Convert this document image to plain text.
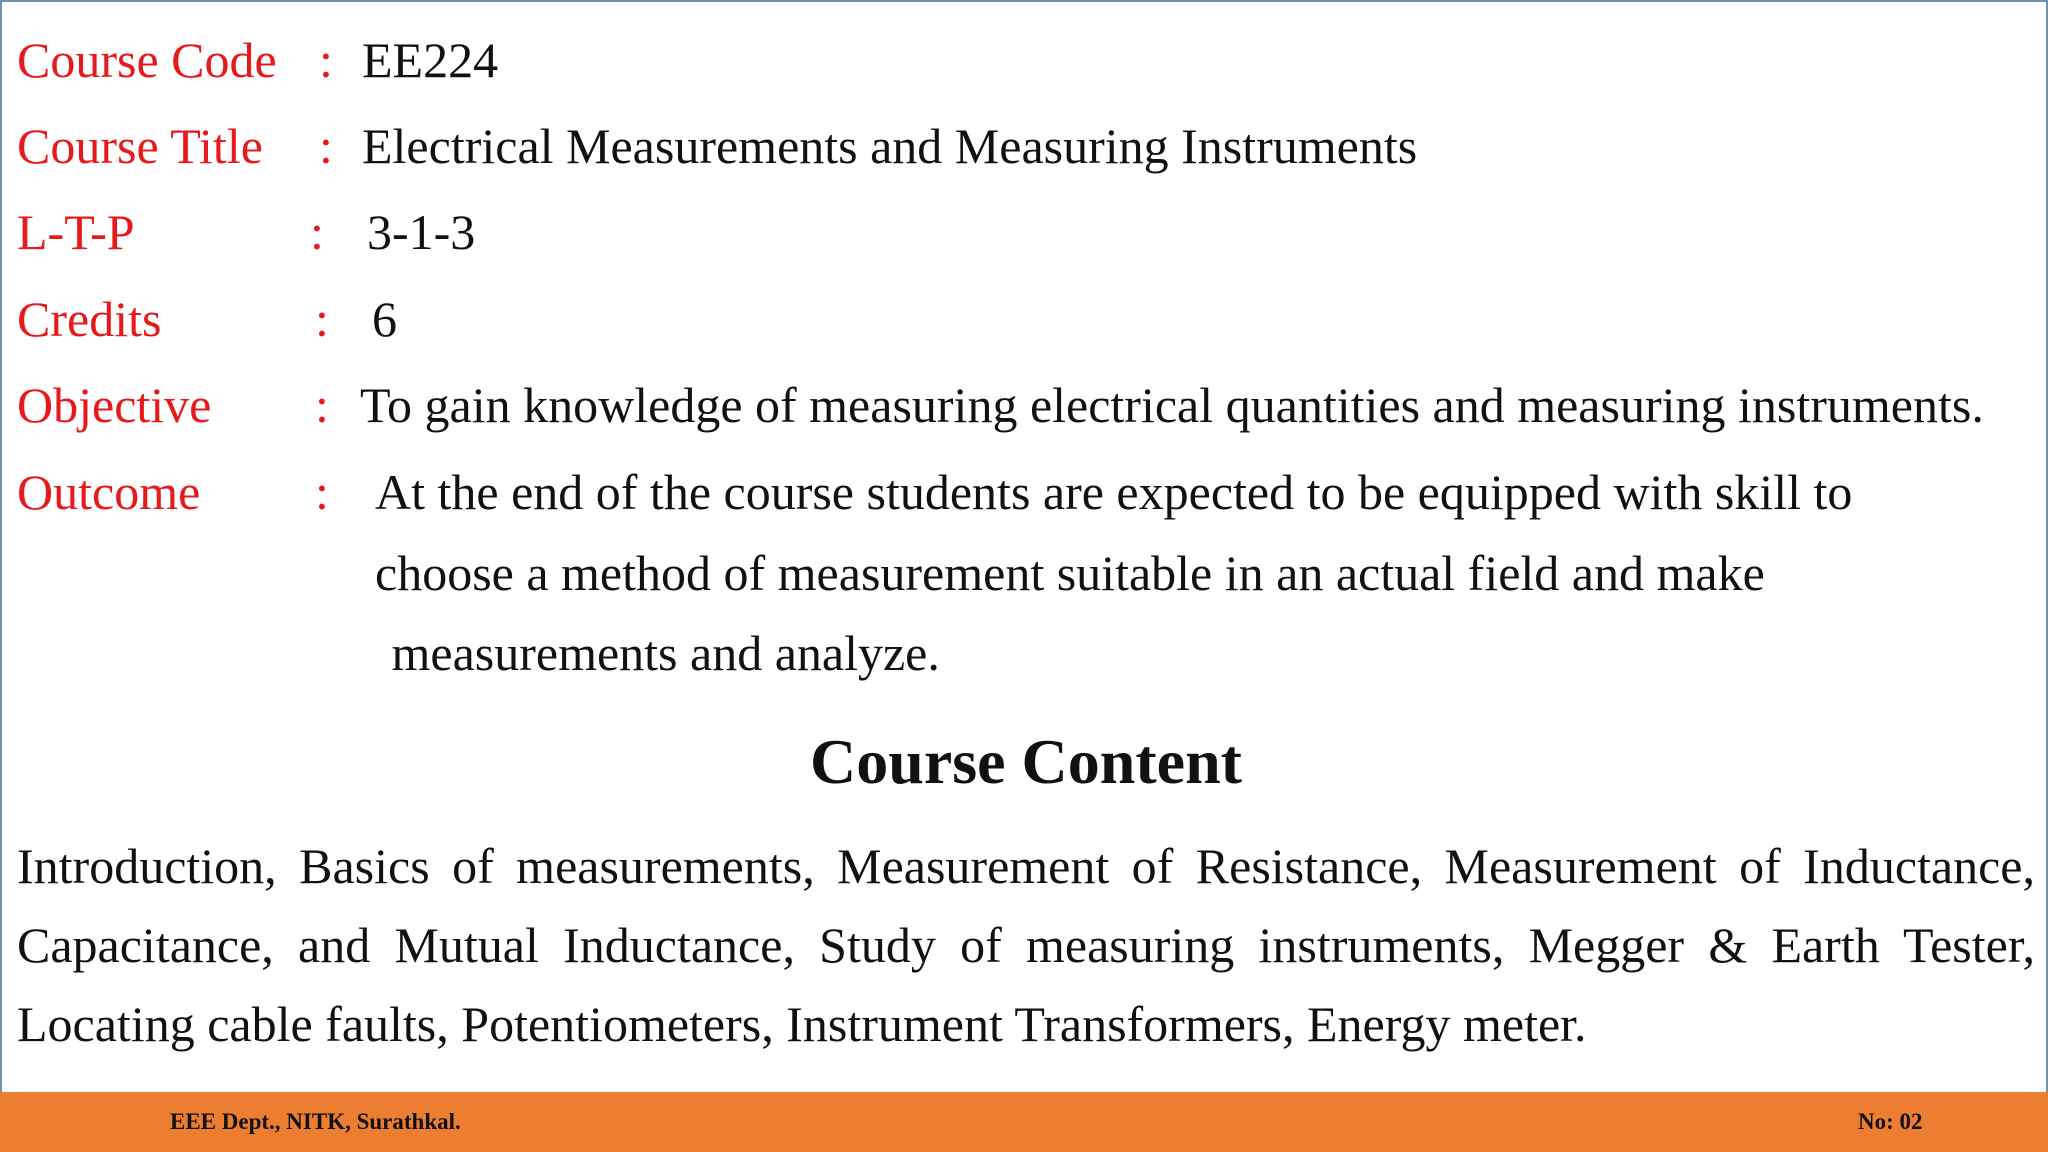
Course Code : EE224
Course Title : Electrical Measurements and Measuring Instruments
L-T-P	: 3-1-3
Credits	: 6
Objective : To gain knowledge of measuring electrical quantities and measuring instruments.
Outcome : At the end of the course students are expected to be equipped with skill to
choose a method of measurement suitable in an actual field and make
measurements and analyze.
Course Content
Introduction, Basics of measurements, Measurement of Resistance, Measurement of Inductance,
Capacitance, and Mutual Inductance, Study of measuring instruments, Megger & Earth Tester,
Locating cable faults, Potentiometers, Instrument Transformers, Energy meter.
EEE Dept., NITK, Surathkal.	No: 02
